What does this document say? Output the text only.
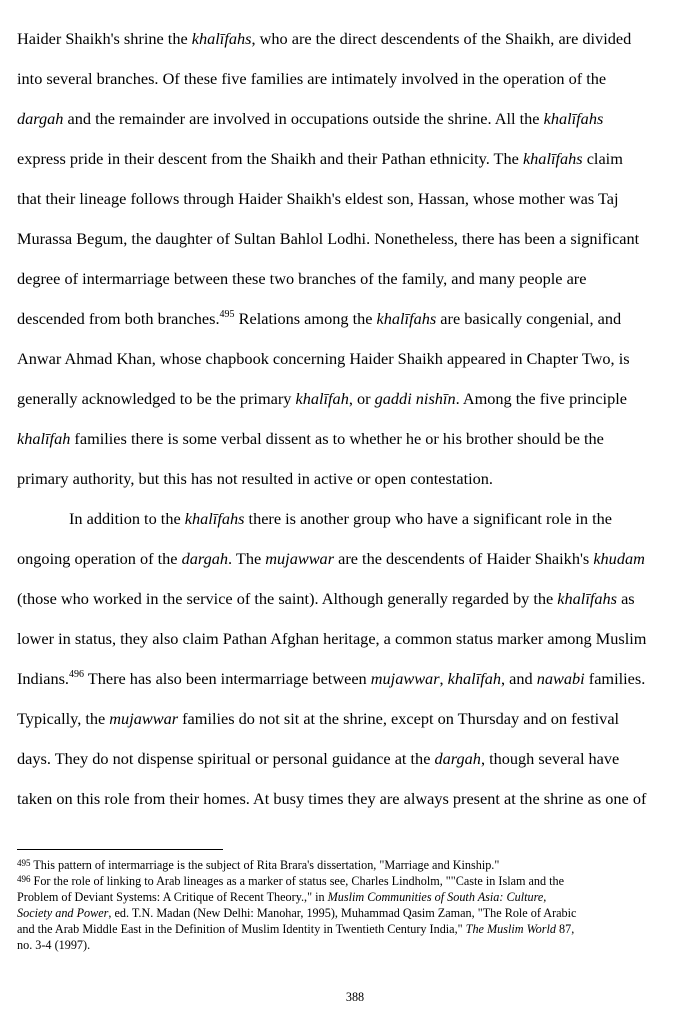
Haider Shaikh's shrine the khalīfahs, who are the direct descendents of the Shaikh, are divided
into several branches. Of these five families are intimately involved in the operation of the
dargah and the remainder are involved in occupations outside the shrine. All the khalīfahs
express pride in their descent from the Shaikh and their Pathan ethnicity. The khalīfahs claim
that their lineage follows through Haider Shaikh's eldest son, Hassan, whose mother was Taj
Murassa Begum, the daughter of Sultan Bahlol Lodhi. Nonetheless, there has been a significant
degree of intermarriage between these two branches of the family, and many people are
descended from both branches.$^{495}$ Relations among the khalīfahs are basically congenial, and
Anwar Ahmad Khan, whose chapbook concerning Haider Shaikh appeared in Chapter Two, is
generally acknowledged to be the primary khalīfah, or gaddi nishīn. Among the five principle
khalīfah families there is some verbal dissent as to whether he or his brother should be the
primary authority, but this has not resulted in active or open contestation.
In addition to the khalīfahs there is another group who have a significant role in the
ongoing operation of the dargah. The mujawwar are the descendents of Haider Shaikh's khudam
(those who worked in the service of the saint). Although generally regarded by the khalīfahs as
lower in status, they also claim Pathan Afghan heritage, a common status marker among Muslim
Indians.$^{496}$ There has also been intermarriage between mujawwar, khalīfah, and nawabi families.
Typically, the mujawwar families do not sit at the shrine, except on Thursday and on festival
days. They do not dispense spiritual or personal guidance at the dargah, though several have
taken on this role from their homes. At busy times they are always present at the shrine as one of
$^{495}$ This pattern of intermarriage is the subject of Rita Brara's dissertation, "Marriage and Kinship."
$^{496}$ For the role of linking to Arab lineages as a marker of status see, Charles Lindholm, ""Caste in Islam and the
Problem of Deviant Systems: A Critique of Recent Theory.," in Muslim Communities of South Asia: Culture,
Society and Power, ed. T.N. Madan (New Delhi: Manohar, 1995), Muhammad Qasim Zaman, "The Role of Arabic
and the Arab Middle East in the Definition of Muslim Identity in Twentieth Century India," The Muslim World 87,
no. 3-4 (1997).
388
